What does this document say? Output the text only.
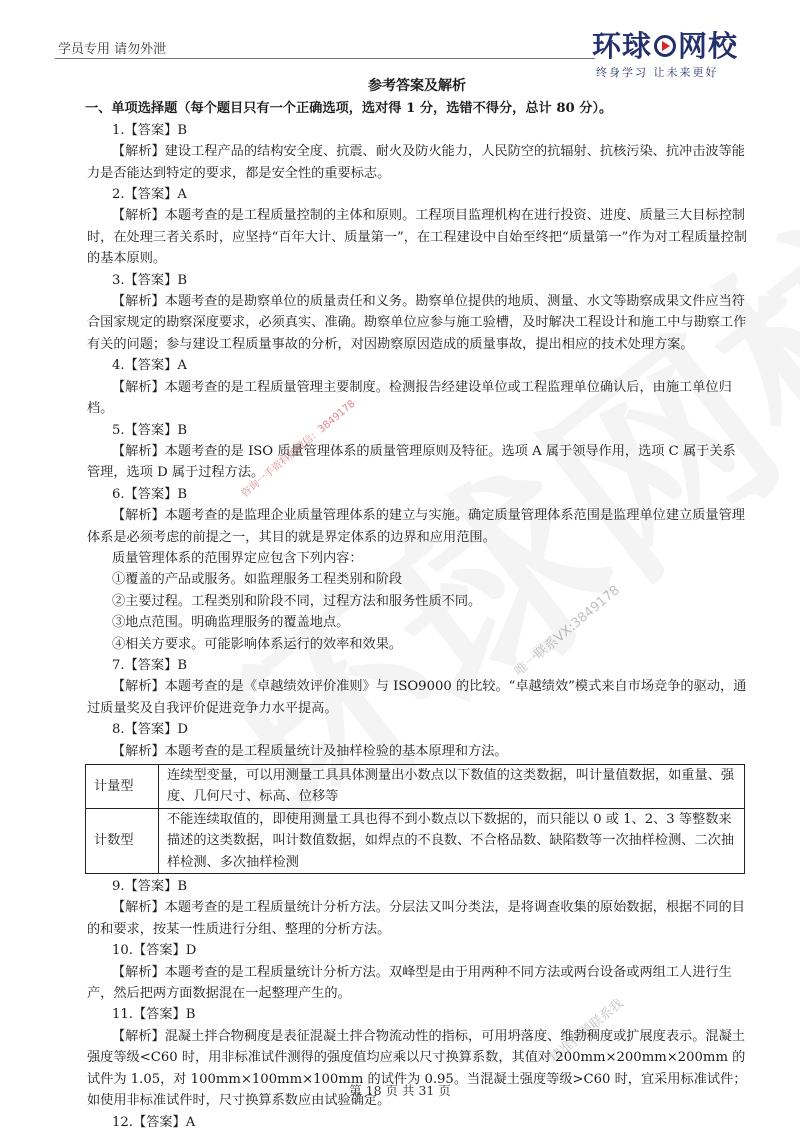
学员专用 请勿外泄	环球 网校
终身学习 让未来更好
咨询一手资料加微信：3849178
唯一联系VX:3849178
精准押题联系我

参考答案及解析

一、单项选择题（每个题目只有一个正确选项，选对得 1 分，选错不得分，总计 80 分）。

1.【答案】B

【解析】建设工程产品的结构安全度、抗震、耐火及防火能力，人民防空的抗辐射、抗核污染、抗冲击波等能力是否能达到特定的要求，都是安全性的重要标志。

2.【答案】A

【解析】本题考查的是工程质量控制的主体和原则。工程项目监理机构在进行投资、进度、质量三大目标控制时，在处理三者关系时，应坚持“百年大计、质量第一”，在工程建设中自始至终把“质量第一”作为对工程质量控制的基本原则。

3.【答案】B

【解析】本题考查的是勘察单位的质量责任和义务。勘察单位提供的地质、测量、水文等勘察成果文件应当符合国家规定的勘察深度要求，必须真实、准确。勘察单位应参与施工验槽，及时解决工程设计和施工中与勘察工作有关的问题；参与建设工程质量事故的分析，对因勘察原因造成的质量事故，提出相应的技术处理方案。

4.【答案】A

【解析】本题考查的是工程质量管理主要制度。检测报告经建设单位或工程监理单位确认后，由施工单位归档。

5.【答案】B

【解析】本题考查的是 ISO 质量管理体系的质量管理原则及特征。选项 A 属于领导作用，选项 C 属于关系管理，选项 D 属于过程方法。

6.【答案】B

【解析】本题考查的是监理企业质量管理体系的建立与实施。确定质量管理体系范围是监理单位建立质量管理体系是必须考虑的前提之一，其目的就是界定体系的边界和应用范围。

质量管理体系的范围界定应包含下列内容：

①覆盖的产品或服务。如监理服务工程类别和阶段

②主要过程。工程类别和阶段不同，过程方法和服务性质不同。

③地点范围。明确监理服务的覆盖地点。

④相关方要求。可能影响体系运行的效率和效果。

7.【答案】B

【解析】本题考查的是《卓越绩效评价准则》与 ISO9000 的比较。“卓越绩效”模式来自市场竞争的驱动，通过质量奖及自我评价促进竞争力水平提高。

8.【答案】D

【解析】本题考查的是工程质量统计及抽样检验的基本原理和方法。

计量型	连续型变量，可以用测量工具具体测量出小数点以下数值的这类数据，叫计量值数据，如重量、强度、几何尺寸、标高、位移等
计数型	不能连续取值的，即使用测量工具也得不到小数点以下数据的，而只能以 0 或 1、2、3 等整数来描述的这类数据，叫计数值数据，如焊点的不良数、不合格品数、缺陷数等一次抽样检测、二次抽样检测、多次抽样检测

9.【答案】B

【解析】本题考查的是工程质量统计分析方法。分层法又叫分类法，是将调查收集的原始数据，根据不同的目的和要求，按某一性质进行分组、整理的分析方法。

10.【答案】D

【解析】本题考查的是工程质量统计分析方法。双峰型是由于用两种不同方法或两台设备或两组工人进行生产，然后把两方面数据混在一起整理产生的。

11.【答案】B

【解析】混凝土拌合物稠度是表征混凝土拌合物流动性的指标，可用坍落度、维勃稠度或扩展度表示。混凝土强度等级<C60 时，用非标准试件测得的强度值均应乘以尺寸换算系数，其值对 200mm×200mm×200mm 的试件为 1.05，对 100mm×100mm×100mm 的试件为 0.95。当混凝土强度等级>C60 时，宜采用标准试件；如使用非标准试件时，尺寸换算系数应由试验确定。

12.【答案】A

第 18 页 共 31 页
